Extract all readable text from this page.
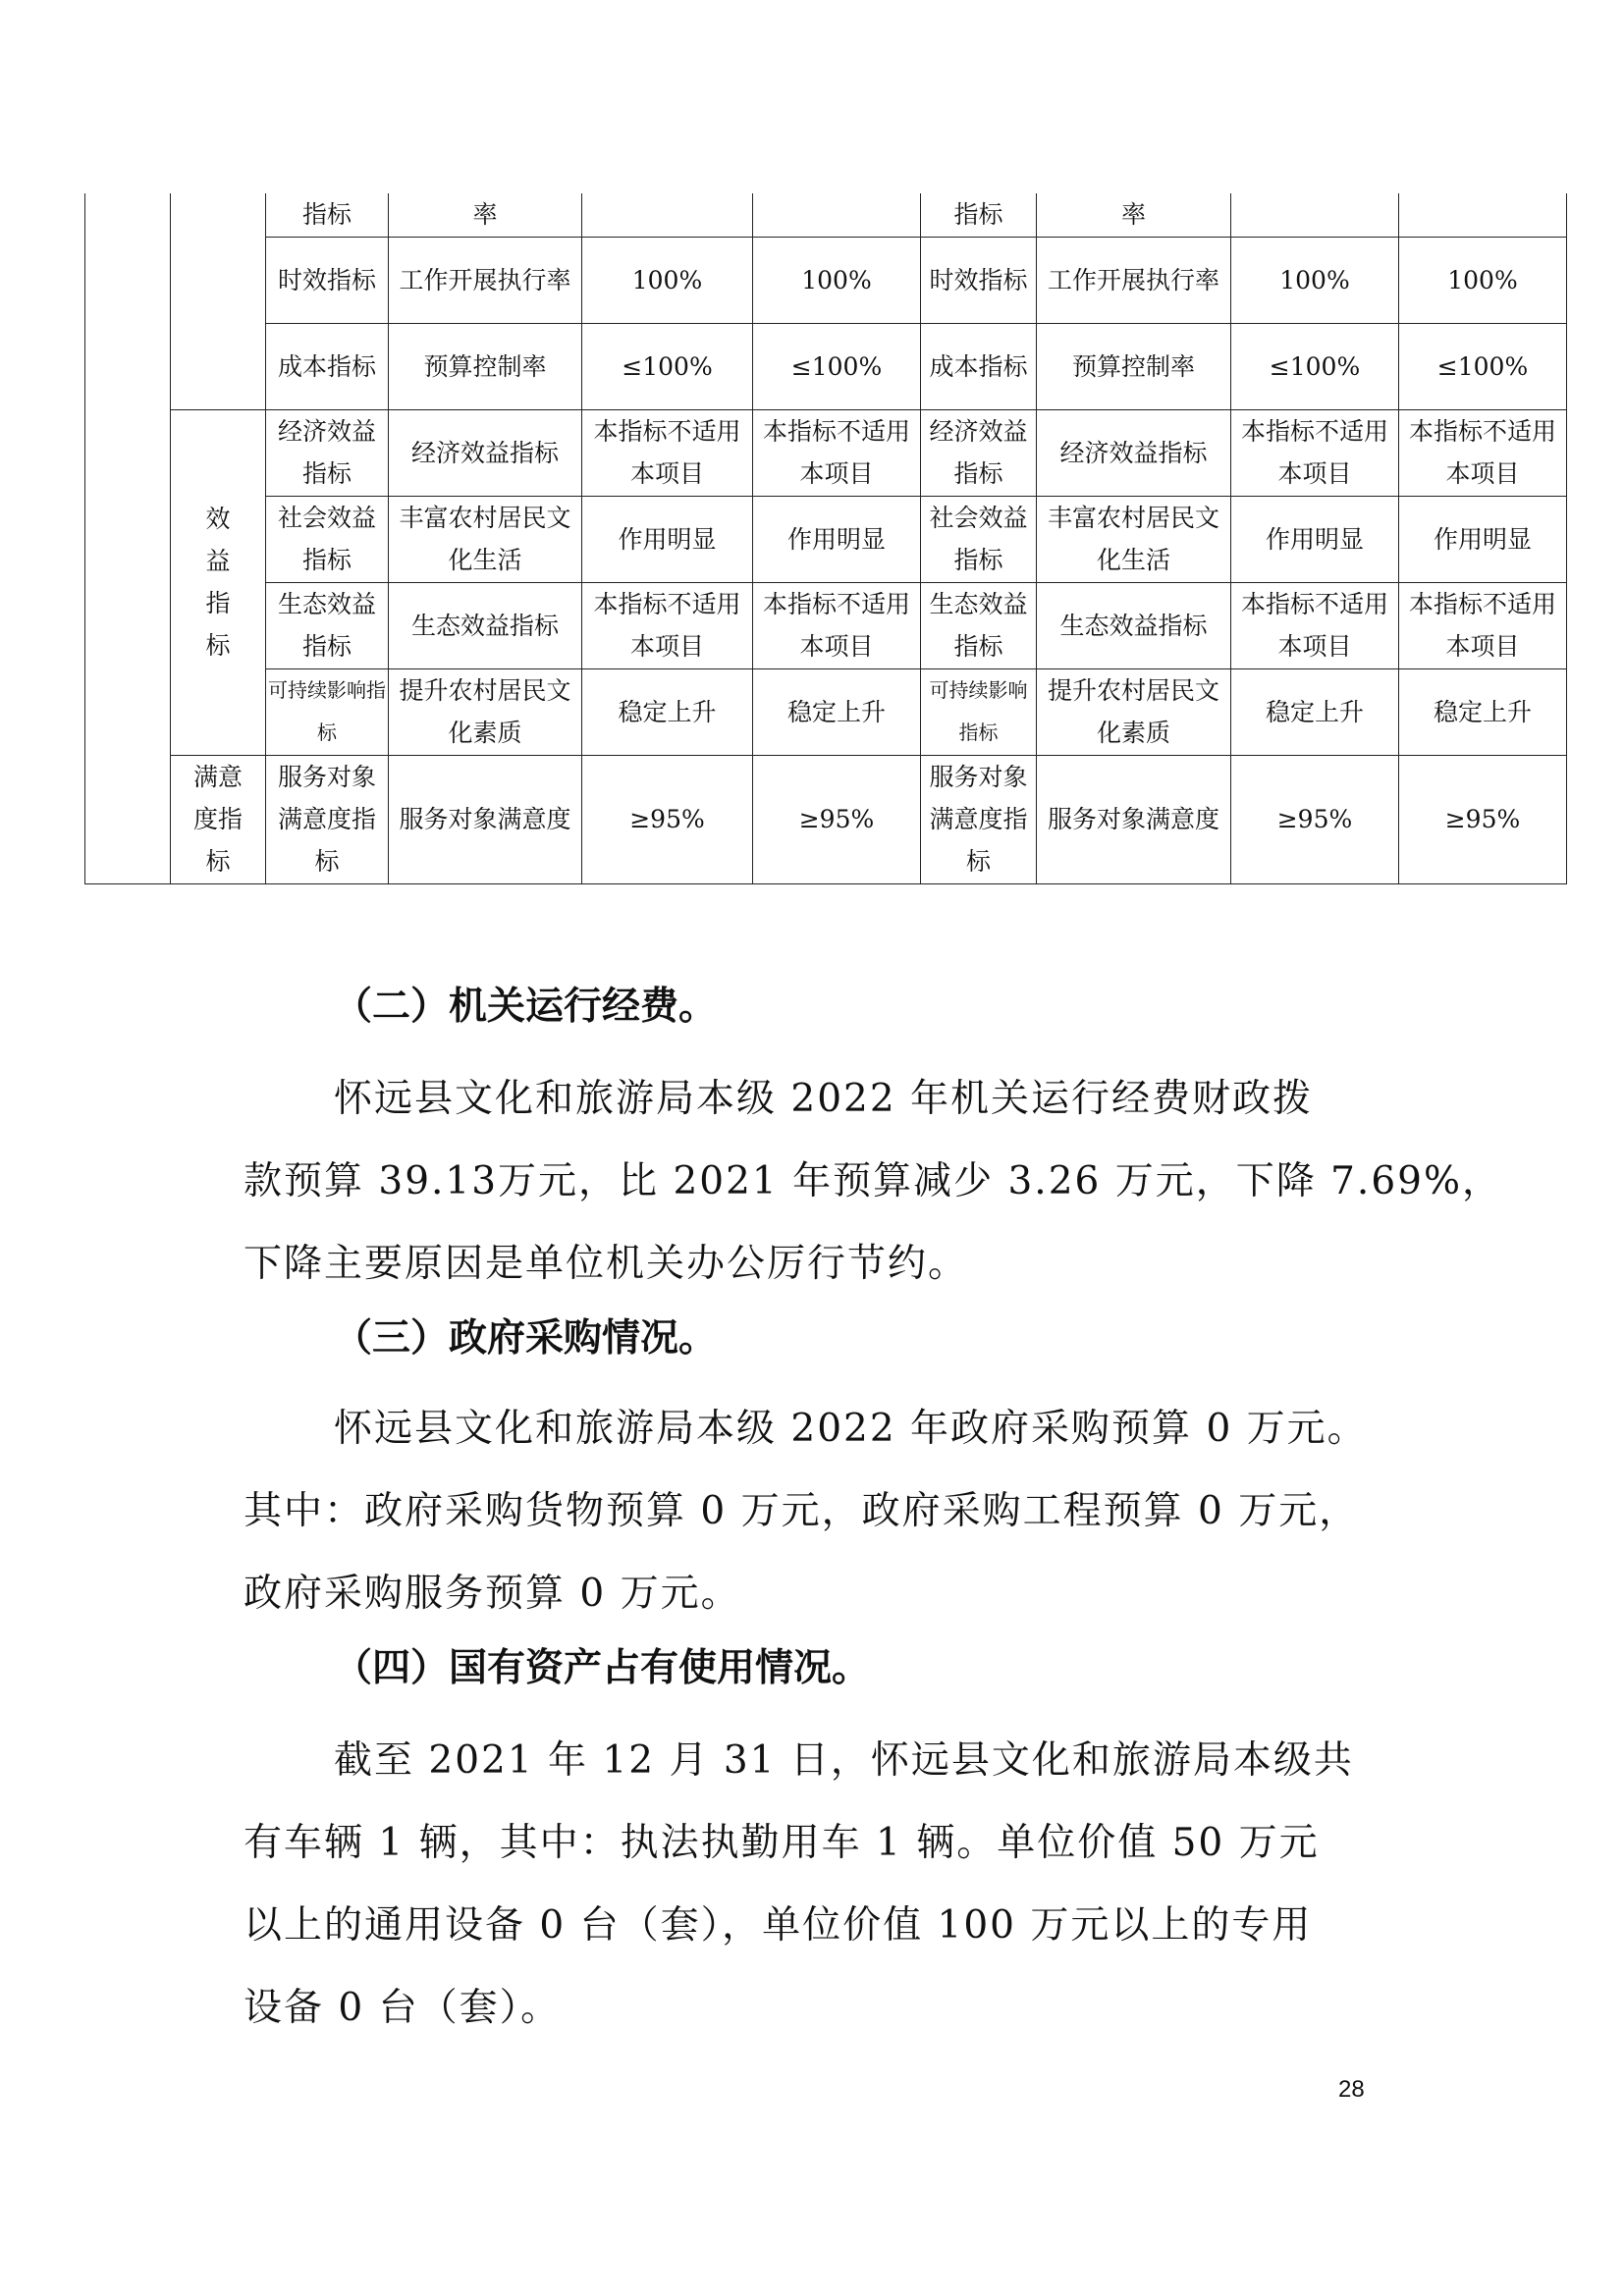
		指标	率			指标	率		
		时效指标	工作开展执行率	100%	100%	时效指标	工作开展执行率	100%	100%
		成本指标	预算控制率	≤100%	≤100%	成本指标	预算控制率	≤100%	≤100%
	效益指标	经济效益指标	经济效益指标	本指标不适用本项目	本指标不适用本项目	经济效益指标	经济效益指标	本指标不适用本项目	本指标不适用本项目
		社会效益指标	丰富农村居民文化生活	作用明显	作用明显	社会效益指标	丰富农村居民文化生活	作用明显	作用明显
		生态效益指标	生态效益指标	本指标不适用本项目	本指标不适用本项目	生态效益指标	生态效益指标	本指标不适用本项目	本指标不适用本项目
		可持续影响指标	提升农村居民文化素质	稳定上升	稳定上升	可持续影响指标	提升农村居民文化素质	稳定上升	稳定上升
	满意度指标	服务对象满意度指标	服务对象满意度	≥95%	≥95%	服务对象满意度指标	服务对象满意度	≥95%	≥95%
（二）机关运行经费。
怀远县文化和旅游局本级 2022 年机关运行经费财政拨
款预算 39.13万元，比 2021 年预算减少 3.26 万元，下降 7.69%，
下降主要原因是单位机关办公厉行节约。
（三）政府采购情况。
怀远县文化和旅游局本级 2022 年政府采购预算 0 万元。
其中：政府采购货物预算 0 万元，政府采购工程预算 0 万元，
政府采购服务预算 0 万元。
（四）国有资产占有使用情况。
截至 2021 年 12 月 31 日，怀远县文化和旅游局本级共
有车辆 1 辆，其中：执法执勤用车 1 辆。单位价值 50 万元
以上的通用设备 0 台（套），单位价值 100 万元以上的专用
设备 0 台（套）。
28
